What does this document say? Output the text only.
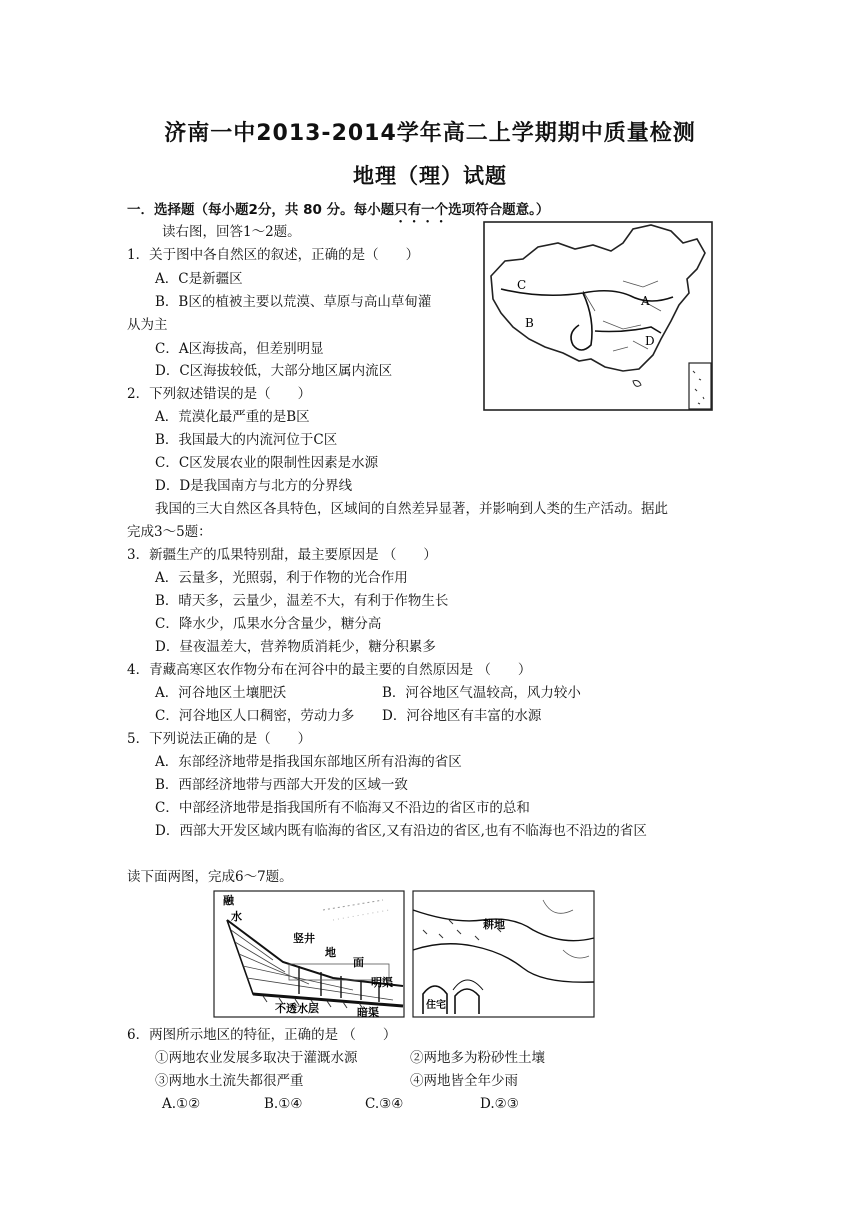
济南一中2013-2014学年高二上学期期中质量检测
地理（理）试题
一．选择题（每小题2分，共 80 分。每小题只有一个选项符合题意。）
读右图，回答1～2题。
1．关于图中各自然区的叙述，正确的是（　　）
A．C是新疆区
B．B区的植被主要以荒漠、草原与高山草甸灌
从为主
C．A区海拔高，但差别明显
D．C区海拔较低，大部分地区属内流区
2．下列叙述错误的是（　　）
A．荒漠化最严重的是B区
B．我国最大的内流河位于C区
C．C区发展农业的限制性因素是水源
D．D是我国南方与北方的分界线
我国的三大自然区各具特色，区域间的自然差异显著，并影响到人类的生产活动。据此
完成3～5题：
3．新疆生产的瓜果特别甜，最主要原因是 （　　）
A．云量多，光照弱，利于作物的光合作用
B．晴天多，云量少，温差不大，有利于作物生长
C．降水少，瓜果水分含量少，糖分高
D．昼夜温差大，营养物质消耗少，糖分积累多
4．青藏高寒区农作物分布在河谷中的最主要的自然原因是 （　　）
A．河谷地区土壤肥沃	B．河谷地区气温较高，风力较小
C．河谷地区人口稠密，劳动力多 D．河谷地区有丰富的水源
5．下列说法正确的是（　　）
A．东部经济地带是指我国东部地区所有沿海的省区
B．西部经济地带与西部大开发的区域一致
C．中部经济地带是指我国所有不临海又不沿边的省区市的总和
D．西部大开发区域内既有临海的省区,又有沿边的省区,也有不临海也不沿边的省区
读下面两图，完成6～7题。
6．两图所示地区的特征，正确的是 （　　）
①两地农业发展多取决于灌溉水源	②两地多为粉砂性土壤
③两地水土流失都很严重	④两地皆全年少雨
A.①②	B.①④	C.③④	D.②③
C
B
A
D
融
水
竖井
地
面
明渠
不透水层	暗渠
耕地
住宅
